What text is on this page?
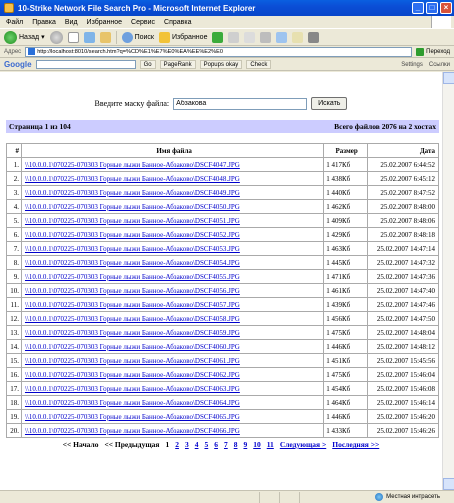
10-Strike Network File Search Pro - Microsoft Internet Explorer	_	□	×
Файл Правка Вид Избранное Сервис Справка
Назад ▾	Поиск	Избранное
Адрес	http://localhost:8010/search.htm?q=%CD%E1%E7%E0%EA%EE%E2%E0	Переход
Google	Go	PageRank	Popups okay	Check	Settings Ссылки
Введите маску файла:
Абзакова	Искать
Страница 1 из 104	Всего файлов 2076 на 2 хостах
#	Имя файла	Размер	Дата
1.	\\10.0.0.1\070225-070303 Горные лыжи Банное-Абзаково\DSCF4047.JPG	1 417Кб	25.02.2007 6:44:52
2.	\\10.0.0.1\070225-070303 Горные лыжи Банное-Абзаково\DSCF4048.JPG	1 438Кб	25.02.2007 6:45:12
3.	\\10.0.0.1\070225-070303 Горные лыжи Банное-Абзаково\DSCF4049.JPG	1 440Кб	25.02.2007 8:47:52
4.	\\10.0.0.1\070225-070303 Горные лыжи Банное-Абзаково\DSCF4050.JPG	1 462Кб	25.02.2007 8:48:00
5.	\\10.0.0.1\070225-070303 Горные лыжи Банное-Абзаково\DSCF4051.JPG	1 409Кб	25.02.2007 8:48:06
6.	\\10.0.0.1\070225-070303 Горные лыжи Банное-Абзаково\DSCF4052.JPG	1 429Кб	25.02.2007 8:48:18
7.	\\10.0.0.1\070225-070303 Горные лыжи Банное-Абзаково\DSCF4053.JPG	1 463Кб	25.02.2007 14:47:14
8.	\\10.0.0.1\070225-070303 Горные лыжи Банное-Абзаково\DSCF4054.JPG	1 445Кб	25.02.2007 14:47:32
9.	\\10.0.0.1\070225-070303 Горные лыжи Банное-Абзаково\DSCF4055.JPG	1 471Кб	25.02.2007 14:47:36
10.	\\10.0.0.1\070225-070303 Горные лыжи Банное-Абзаково\DSCF4056.JPG	1 461Кб	25.02.2007 14:47:40
11.	\\10.0.0.1\070225-070303 Горные лыжи Банное-Абзаково\DSCF4057.JPG	1 439Кб	25.02.2007 14:47:46
12.	\\10.0.0.1\070225-070303 Горные лыжи Банное-Абзаково\DSCF4058.JPG	1 456Кб	25.02.2007 14:47:50
13.	\\10.0.0.1\070225-070303 Горные лыжи Банное-Абзаково\DSCF4059.JPG	1 475Кб	25.02.2007 14:48:04
14.	\\10.0.0.1\070225-070303 Горные лыжи Банное-Абзаково\DSCF4060.JPG	1 446Кб	25.02.2007 14:48:12
15.	\\10.0.0.1\070225-070303 Горные лыжи Банное-Абзаково\DSCF4061.JPG	1 451Кб	25.02.2007 15:45:56
16.	\\10.0.0.1\070225-070303 Горные лыжи Банное-Абзаково\DSCF4062.JPG	1 475Кб	25.02.2007 15:46:04
17.	\\10.0.0.1\070225-070303 Горные лыжи Банное-Абзаково\DSCF4063.JPG	1 454Кб	25.02.2007 15:46:08
18.	\\10.0.0.1\070225-070303 Горные лыжи Банное-Абзаково\DSCF4064.JPG	1 464Кб	25.02.2007 15:46:14
19.	\\10.0.0.1\070225-070303 Горные лыжи Банное-Абзаково\DSCF4065.JPG	1 446Кб	25.02.2007 15:46:20
20.	\\10.0.0.1\070225-070303 Горные лыжи Банное-Абзаково\DSCF4066.JPG	1 433Кб	25.02.2007 15:46:26
<< Начало << Предыдущая 1 2 3 4 5 6 7 8 9 10 11 Следующая > Последняя >>
Местная интрасеть
